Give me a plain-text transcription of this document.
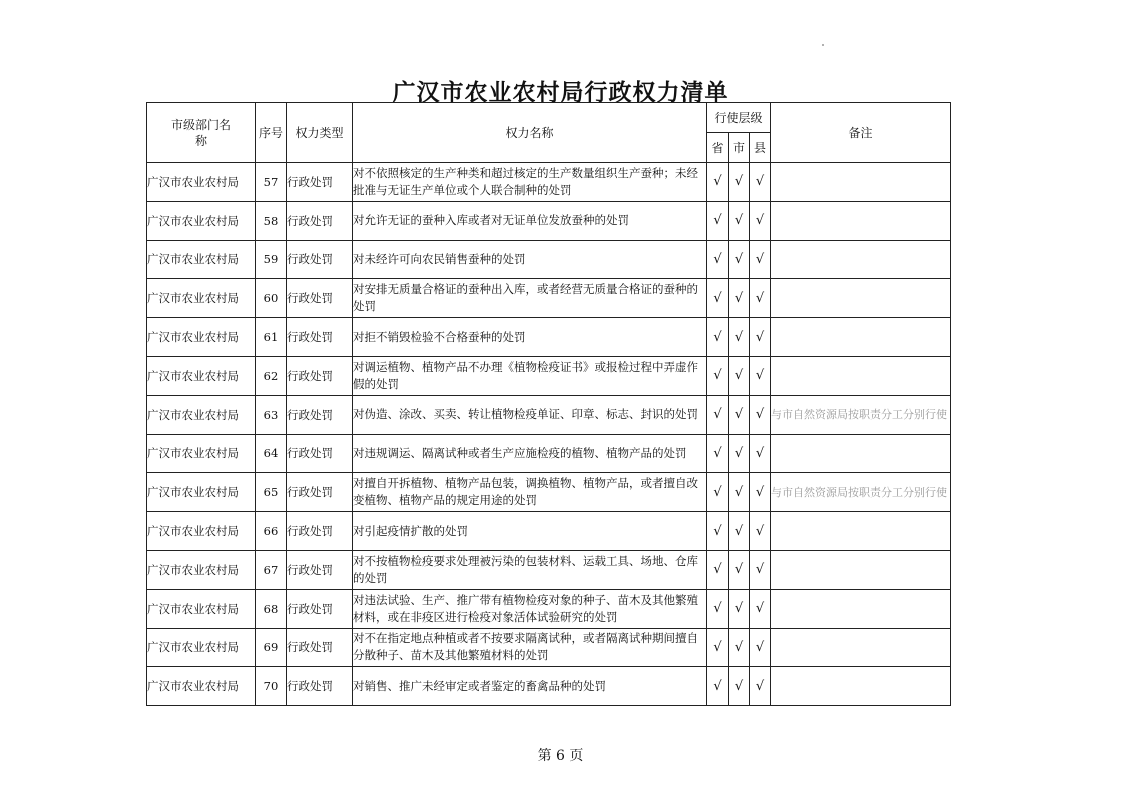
广汉市农业农村局行政权力清单
市级部门名称	序号	权力类型	权力名称	行使层级			备注
				省	市	县	
广汉市农业农村局	57	行政处罚	对不依照核定的生产种类和超过核定的生产数量组织生产蚕种；未经批准与无证生产单位或个人联合制种的处罚	√	√	√	
广汉市农业农村局	58	行政处罚	对允许无证的蚕种入库或者对无证单位发放蚕种的处罚	√	√	√	
广汉市农业农村局	59	行政处罚	对未经许可向农民销售蚕种的处罚	√	√	√	
广汉市农业农村局	60	行政处罚	对安排无质量合格证的蚕种出入库，或者经营无质量合格证的蚕种的处罚	√	√	√	
广汉市农业农村局	61	行政处罚	对拒不销毁检验不合格蚕种的处罚	√	√	√	
广汉市农业农村局	62	行政处罚	对调运植物、植物产品不办理《植物检疫证书》或报检过程中弄虚作假的处罚	√	√	√	
广汉市农业农村局	63	行政处罚	对伪造、涂改、买卖、转让植物检疫单证、印章、标志、封识的处罚	√	√	√	与市自然资源局按职责分工分别行使
广汉市农业农村局	64	行政处罚	对违规调运、隔离试种或者生产应施检疫的植物、植物产品的处罚	√	√	√	
广汉市农业农村局	65	行政处罚	对擅自开拆植物、植物产品包装，调换植物、植物产品，或者擅自改变植物、植物产品的规定用途的处罚	√	√	√	与市自然资源局按职责分工分别行使
广汉市农业农村局	66	行政处罚	对引起疫情扩散的处罚	√	√	√	
广汉市农业农村局	67	行政处罚	对不按植物检疫要求处理被污染的包装材料、运载工具、场地、仓库的处罚	√	√	√	
广汉市农业农村局	68	行政处罚	对违法试验、生产、推广带有植物检疫对象的种子、苗木及其他繁殖材料，或在非疫区进行检疫对象活体试验研究的处罚	√	√	√	
广汉市农业农村局	69	行政处罚	对不在指定地点种植或者不按要求隔离试种，或者隔离试种期间擅自分散种子、苗木及其他繁殖材料的处罚	√	√	√	
广汉市农业农村局	70	行政处罚	对销售、推广未经审定或者鉴定的畜禽品种的处罚	√	√	√	
第 6 页
